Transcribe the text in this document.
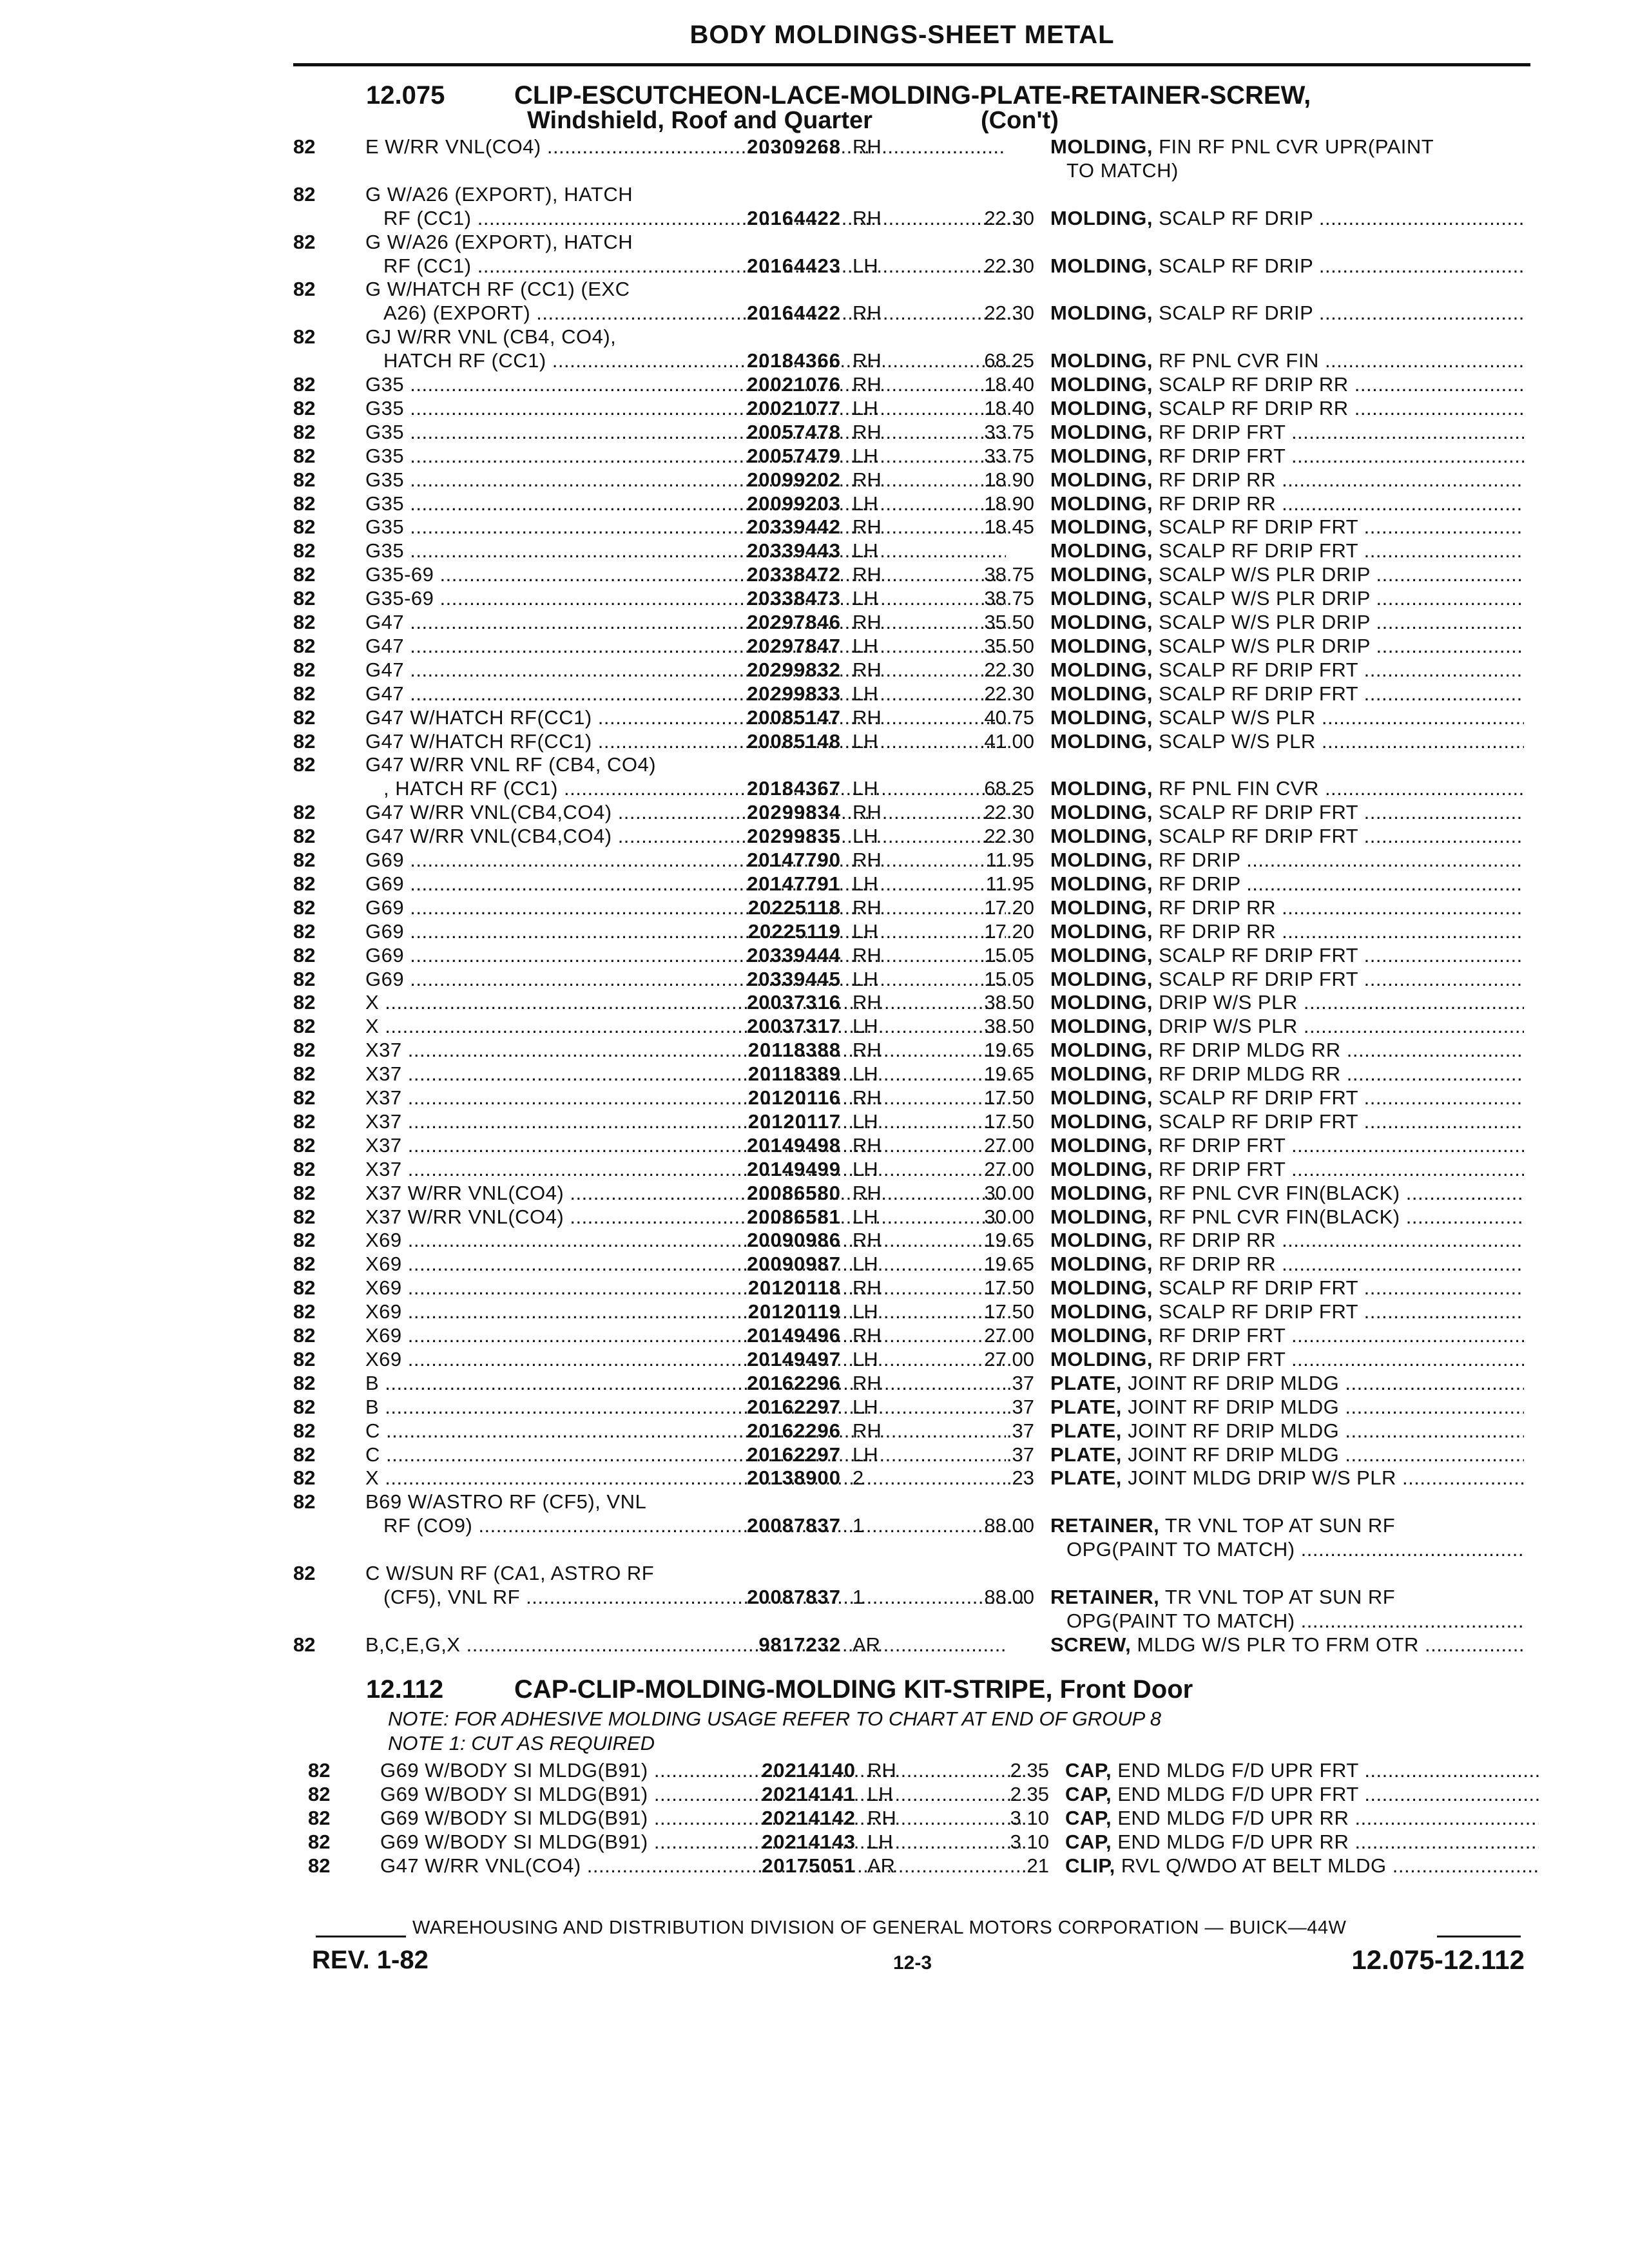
BODY MOLDINGS-SHEET METAL
12.075	CLIP-ESCUTCHEON-LACE-MOLDING-PLATE-RETAINER-SCREW,
Windshield, Roof and Quarter	(Con't)
82	E W/RR VNL(CO4) .....	20309268 RH	MOLDING, FIN RF PNL CVR UPR(PAINT
TO MATCH)
82	G W/A26 (EXPORT), HATCH
RF (CC1) .....	20164422 RH	22.30 MOLDING, SCALP RF DRIP .....
82	G W/A26 (EXPORT), HATCH
RF (CC1) .....	20164423 LH	22.30 MOLDING, SCALP RF DRIP .....
82	G W/HATCH RF (CC1) (EXC
A26) (EXPORT) .....	20164422 RH	22.30 MOLDING, SCALP RF DRIP .....
82	GJ W/RR VNL (CB4, CO4),
HATCH RF (CC1) .....	20184366 RH	68.25 MOLDING, RF PNL CVR FIN .....
82	G35 .....	20021076 RH	18.40 MOLDING, SCALP RF DRIP RR .....
82	G35 .....	20021077 LH	18.40 MOLDING, SCALP RF DRIP RR .....
82	G35 .....	20057478 RH	33.75 MOLDING, RF DRIP FRT .....
82	G35 .....	20057479 LH	33.75 MOLDING, RF DRIP FRT .....
82	G35 .....	20099202 RH	18.90 MOLDING, RF DRIP RR .....
82	G35 .....	20099203 LH	18.90 MOLDING, RF DRIP RR .....
82	G35 .....	20339442 RH	18.45 MOLDING, SCALP RF DRIP FRT .....
82	G35 .....	20339443 LH	MOLDING, SCALP RF DRIP FRT .....
82	G35-69 .....	20338472 RH	38.75 MOLDING, SCALP W/S PLR DRIP .....
82	G35-69 .....	20338473 LH	38.75 MOLDING, SCALP W/S PLR DRIP .....
82	G47 .....	20297846 RH	35.50 MOLDING, SCALP W/S PLR DRIP .....
82	G47 .....	20297847 LH	35.50 MOLDING, SCALP W/S PLR DRIP .....
82	G47 .....	20299832 RH	22.30 MOLDING, SCALP RF DRIP FRT .....
82	G47 .....	20299833 LH	22.30 MOLDING, SCALP RF DRIP FRT .....
82	G47 W/HATCH RF(CC1) .....	20085147 RH	40.75 MOLDING, SCALP W/S PLR .....
82	G47 W/HATCH RF(CC1) .....	20085148 LH	41.00 MOLDING, SCALP W/S PLR .....
82	G47 W/RR VNL RF (CB4, CO4)
, HATCH RF (CC1) .....	20184367 LH	68.25 MOLDING, RF PNL FIN CVR .....
82	G47 W/RR VNL(CB4,CO4) .....	20299834 RH	22.30 MOLDING, SCALP RF DRIP FRT .....
82	G47 W/RR VNL(CB4,CO4) .....	20299835 LH	22.30 MOLDING, SCALP RF DRIP FRT .....
82	G69 .....	20147790 RH	11.95 MOLDING, RF DRIP .....
82	G69 .....	20147791 LH	11.95 MOLDING, RF DRIP .....
82	G69 .....	20225118 RH	17.20 MOLDING, RF DRIP RR .....
82	G69 .....	20225119 LH	17.20 MOLDING, RF DRIP RR .....
82	G69 .....	20339444 RH	15.05 MOLDING, SCALP RF DRIP FRT .....
82	G69 .....	20339445 LH	15.05 MOLDING, SCALP RF DRIP FRT .....
82	X .....	20037316 RH	38.50 MOLDING, DRIP W/S PLR .....
82	X .....	20037317 LH	38.50 MOLDING, DRIP W/S PLR .....
82	X37 .....	20118388 RH	19.65 MOLDING, RF DRIP MLDG RR .....
82	X37 .....	20118389 LH	19.65 MOLDING, RF DRIP MLDG RR .....
82	X37 .....	20120116 RH	17.50 MOLDING, SCALP RF DRIP FRT .....
82	X37 .....	20120117 LH	17.50 MOLDING, SCALP RF DRIP FRT .....
82	X37 .....	20149498 RH	27.00 MOLDING, RF DRIP FRT .....
82	X37 .....	20149499 LH	27.00 MOLDING, RF DRIP FRT .....
82	X37 W/RR VNL(CO4) .....	20086580 RH	30.00 MOLDING, RF PNL CVR FIN(BLACK) .....
82	X37 W/RR VNL(CO4) .....	20086581 LH	30.00 MOLDING, RF PNL CVR FIN(BLACK) .....
82	X69 .....	20090986 RH	19.65 MOLDING, RF DRIP RR .....
82	X69 .....	20090987 LH	19.65 MOLDING, RF DRIP RR .....
82	X69 .....	20120118 RH	17.50 MOLDING, SCALP RF DRIP FRT .....
82	X69 .....	20120119 LH	17.50 MOLDING, SCALP RF DRIP FRT .....
82	X69 .....	20149496 RH	27.00 MOLDING, RF DRIP FRT .....
82	X69 .....	20149497 LH	27.00 MOLDING, RF DRIP FRT .....
82	B .....	20162296 RH	.37 PLATE, JOINT RF DRIP MLDG .....
82	B .....	20162297 LH	.37 PLATE, JOINT RF DRIP MLDG .....
82	C .....	20162296 RH	.37 PLATE, JOINT RF DRIP MLDG .....
82	C .....	20162297 LH	.37 PLATE, JOINT RF DRIP MLDG .....
82	X .....	20138900 2	.23 PLATE, JOINT MLDG DRIP W/S PLR .....
82	B69 W/ASTRO RF (CF5), VNL
RF (CO9) .....	20087837 1	88.00 RETAINER, TR VNL TOP AT SUN RF
OPG(PAINT TO MATCH) .....
82	C W/SUN RF (CA1, ASTRO RF
(CF5), VNL RF .....	20087837 1	88.00 RETAINER, TR VNL TOP AT SUN RF
OPG(PAINT TO MATCH) .....
82	B,C,E,G,X .....	9817232 AR	SCREW, MLDG W/S PLR TO FRM OTR .....
12.112	CAP-CLIP-MOLDING-MOLDING KIT-STRIPE, Front Door
NOTE: FOR ADHESIVE MOLDING USAGE REFER TO CHART AT END OF GROUP 8
NOTE 1: CUT AS REQUIRED
82	G69 W/BODY SI MLDG(B91) .....	20214140 RH	2.35 CAP, END MLDG F/D UPR FRT .....
82	G69 W/BODY SI MLDG(B91) .....	20214141 LH	2.35 CAP, END MLDG F/D UPR FRT .....
82	G69 W/BODY SI MLDG(B91) .....	20214142 RH	3.10 CAP, END MLDG F/D UPR RR .....
82	G69 W/BODY SI MLDG(B91) .....	20214143 LH	3.10 CAP, END MLDG F/D UPR RR .....
82	G47 W/RR VNL(CO4) .....	20175051 AR	.21 CLIP, RVL Q/WDO AT BELT MLDG .....
WAREHOUSING AND DISTRIBUTION DIVISION OF GENERAL MOTORS CORPORATION — BUICK—44W
REV. 1-82	12-3	12.075-12.112
